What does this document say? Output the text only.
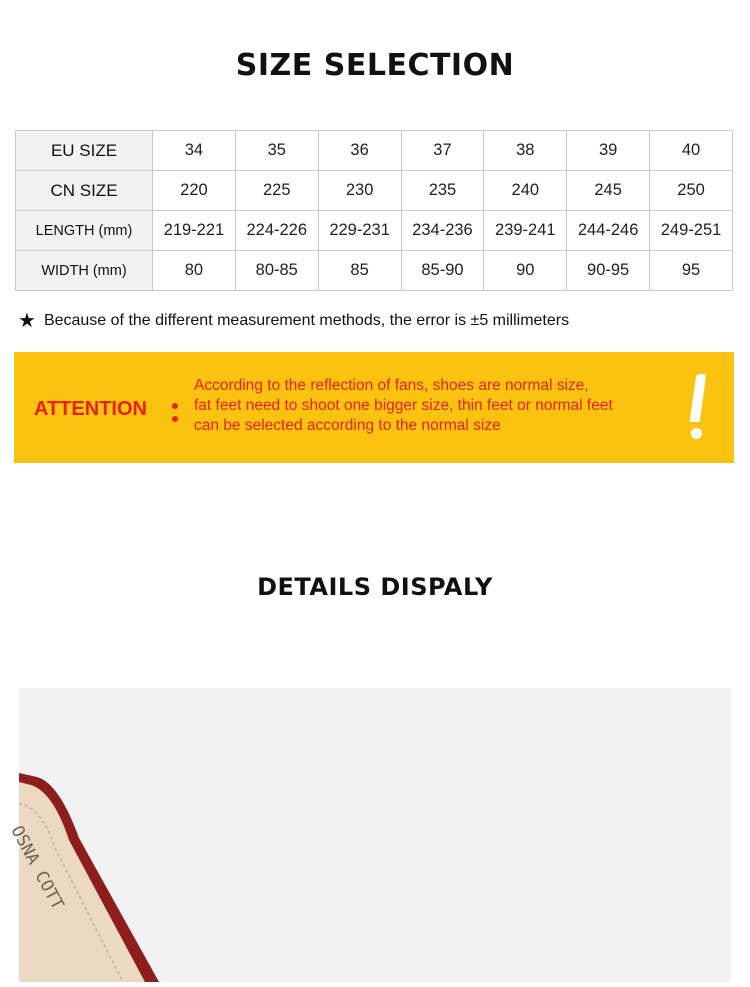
SIZE SELECTION
EU SIZE	34	35	36	37	38	39	40
CN SIZE	220	225	230	235	240	245	250
LENGTH (mm)	219-221	224-226	229-231	234-236	239-241	244-246	249-251
WIDTH (mm)	80	80-85	85	85-90	90	90-95	95
★ Because of the different measurement methods, the error is ±5 millimeters
ATTENTION
According to the reflection of fans, shoes are normal size,
fat feet need to shoot one bigger size, thin feet or normal feet
can be selected according to the normal size
DETAILS DISPALY
OSNA COTT
